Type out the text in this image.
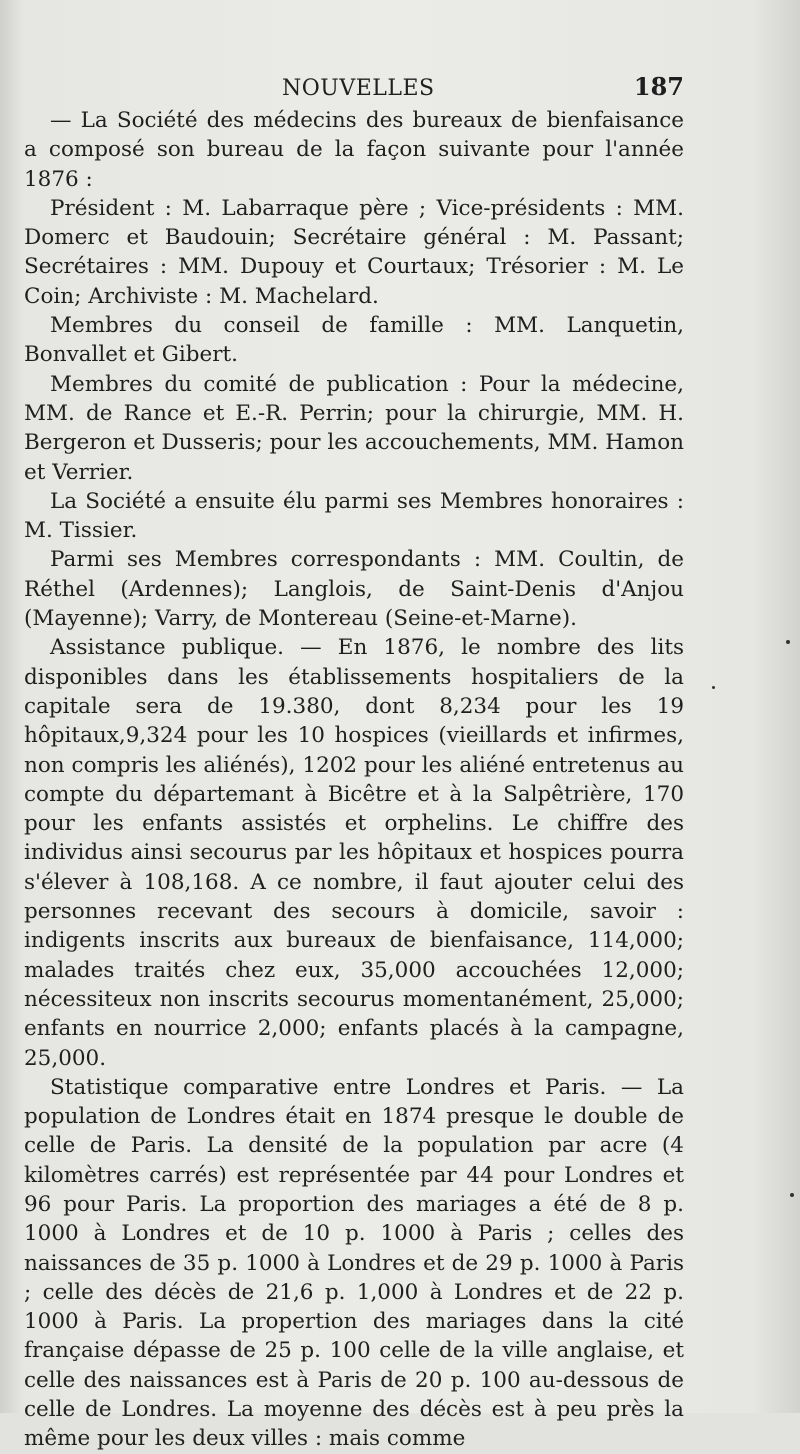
NOUVELLES	187

— La Société des médecins des bureaux de bienfaisance a composé son bureau de la façon suivante pour l'année 1876 :

Président : M. Labarraque père ; Vice-présidents : MM. Domerc et Baudouin; Secrétaire général : M. Passant; Secrétaires : MM. Dupouy et Courtaux; Trésorier : M. Le Coin; Archiviste : M. Machelard.

Membres du conseil de famille : MM. Lanquetin, Bonvallet et Gibert.

Membres du comité de publication : Pour la médecine, MM. de Rance et E.-R. Perrin; pour la chirurgie, MM. H. Bergeron et Dusseris; pour les accouchements, MM. Hamon et Verrier.

La Société a ensuite élu parmi ses Membres honoraires : M. Tissier.

Parmi ses Membres correspondants : MM. Coultin, de Réthel (Ardennes); Langlois, de Saint-Denis d'Anjou (Mayenne); Varry, de Montereau (Seine-et-Marne).

Assistance publique. — En 1876, le nombre des lits disponibles dans les établissements hospitaliers de la capitale sera de 19.380, dont 8,234 pour les 19 hôpitaux,9,324 pour les 10 hospices (vieillards et infirmes, non compris les aliénés), 1202 pour les aliéné entretenus au compte du départemant à Bicêtre et à la Salpêtrière, 170 pour les enfants assistés et orphelins. Le chiffre des individus ainsi secourus par les hôpitaux et hospices pourra s'élever à 108,168. A ce nombre, il faut ajouter celui des personnes recevant des secours à domicile, savoir : indigents inscrits aux bureaux de bienfaisance, 114,000; malades traités chez eux, 35,000 accouchées 12,000; nécessiteux non inscrits secourus momentanément, 25,000; enfants en nourrice 2,000; enfants placés à la campagne, 25,000.

Statistique comparative entre Londres et Paris. — La population de Londres était en 1874 presque le double de celle de Paris. La densité de la population par acre (4 kilomètres carrés) est représentée par 44 pour Londres et 96 pour Paris. La proportion des mariages a été de 8 p. 1000 à Londres et de 10 p. 1000 à Paris ; celles des naissances de 35 p. 1000 à Londres et de 29 p. 1000 à Paris ; celle des décès de 21,6 p. 1,000 à Londres et de 22 p. 1000 à Paris. La propertion des mariages dans la cité française dépasse de 25 p. 100 celle de la ville anglaise, et celle des naissances est à Paris de 20 p. 100 au-dessous de celle de Londres. La moyenne des décès est à peu près la même pour les deux villes : mais comme
